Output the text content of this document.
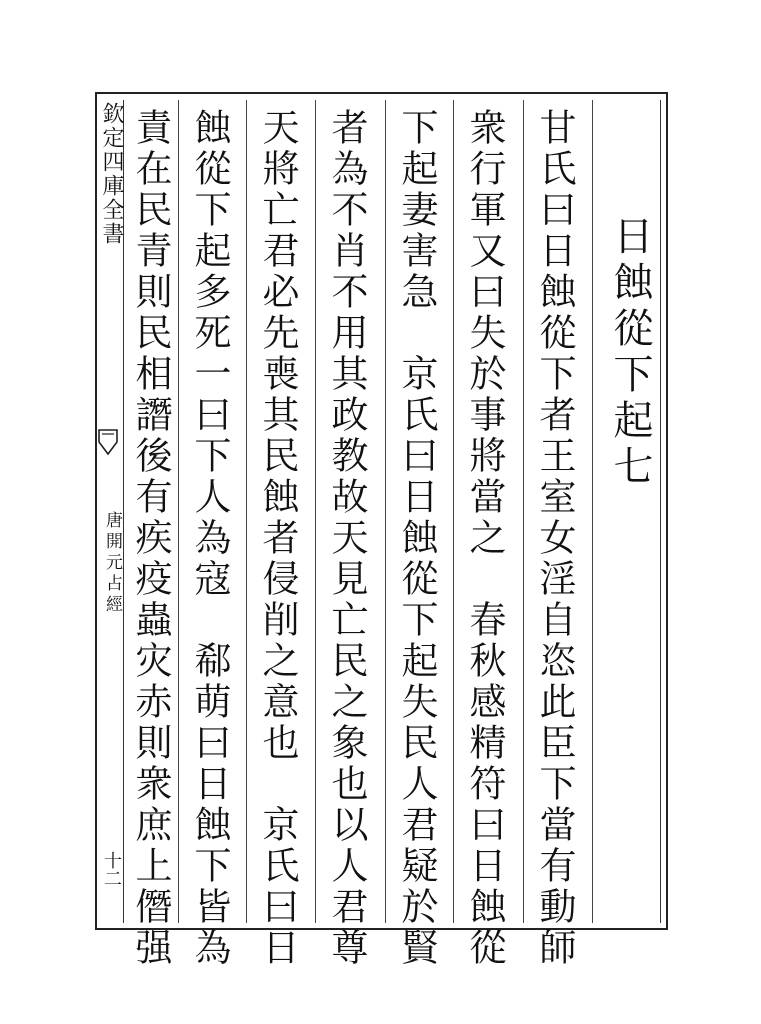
欽定四庫全書
唐開元占經
十二
日蝕從下起七
甘氏曰日蝕從下者王室女淫自恣此臣下當有動師
衆行軍又曰失於事將當之　春秋感精符曰日蝕從
下起妻害急　京氏曰日蝕從下起失民人君疑於賢
者為不肖不用其政教故天見亡民之象也以人君尊
天將亡君必先喪其民蝕者侵削之意也　京氏曰日
蝕從下起多死一曰下人為寇　郗萌曰日蝕下皆為
責在民青則民相譖後有疾疫蟲灾赤則衆庶上僭强
